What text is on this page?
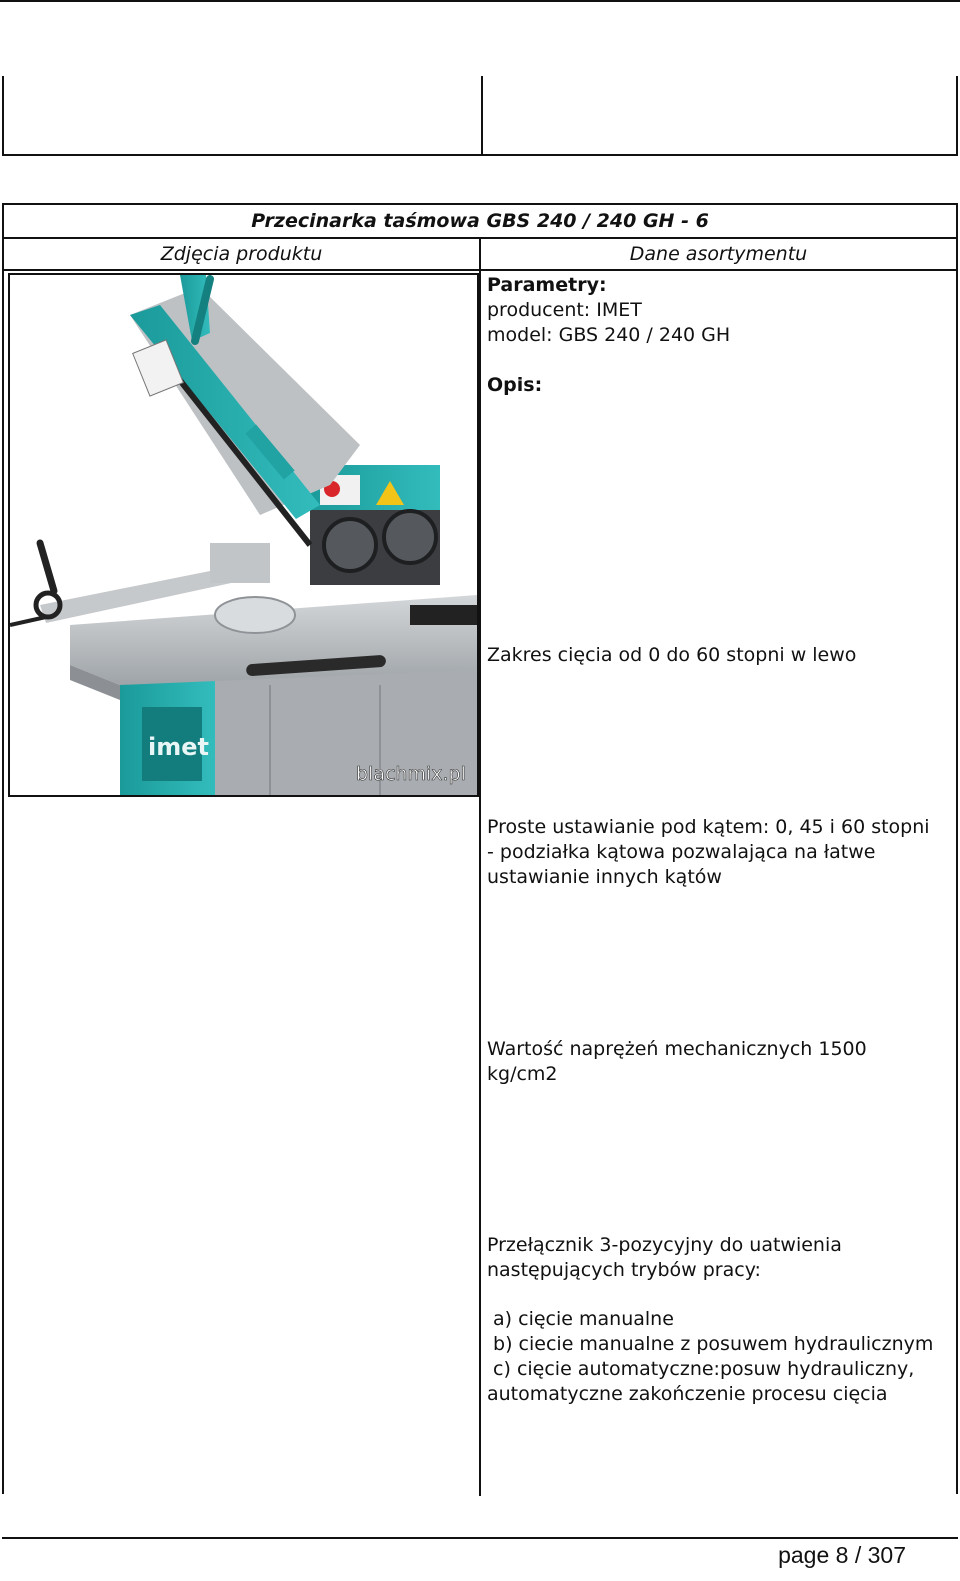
Przecinarka taśmowa GBS 240 / 240 GH - 6
Zdjęcia produktu	Dane asortymentu
imet
blachmix.pl

Parametry:

producent: IMET

model: GBS 240 / 240 GH

Opis:

Zakres cięcia od 0 do 60 stopni w lewo

Proste ustawianie pod kątem: 0, 45 i 60 stopni

- podziałka kątowa pozwalająca na łatwe

ustawianie innych kątów

Wartość naprężeń mechanicznych 1500

kg/cm2

Przełącznik 3-pozycyjny do uatwienia

następujących trybów pracy:

a) cięcie manualne

b) ciecie manualne z posuwem hydraulicznym

c) cięcie automatyczne:posuw hydrauliczny,

automatyczne zakończenie procesu cięcia

page 8 / 307
